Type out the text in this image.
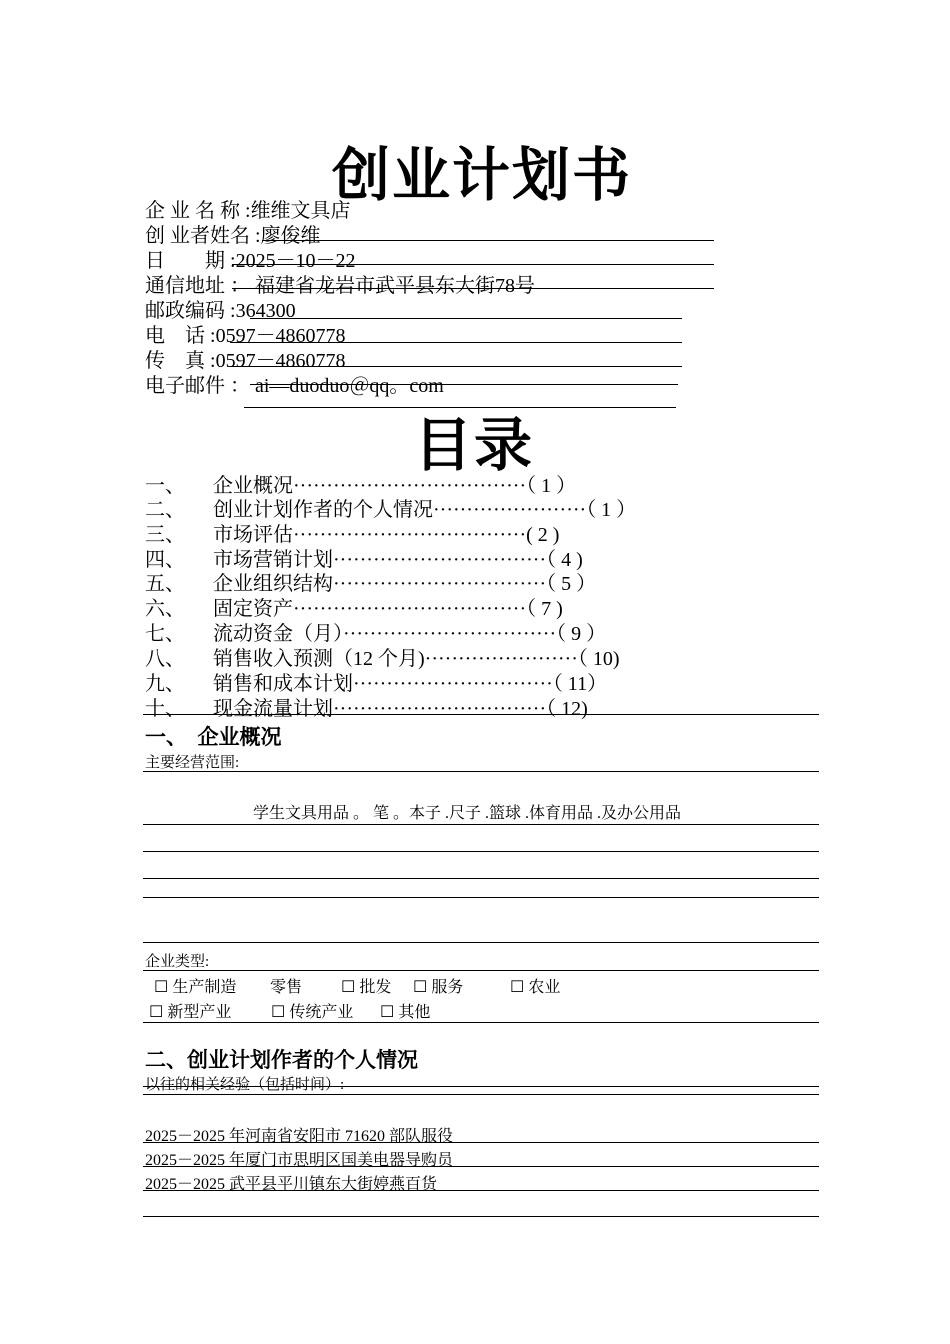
创业计划书
企 业 名 称 :维维文具店
创 业者姓名 :廖俊维
日　　期 :2025－10－22
通信地址 ： 福建省龙岩市武平县东大街78号
邮政编码 :364300
电　话 :0597－4860778
传　真 :0597－4860778
电子邮件 ： ai—duoduo＠qq。com
目录
一、 企业概况···································（ 1 ）
二、 创业计划作者的个人情况·······················（ 1 ）
三、 市场评估···································( 2 )
四、 市场营销计划································（ 4 )
五、 企业组织结构································（ 5 ）
六、 固定资产···································（ 7 )
七、 流动资金（月）································（ 9 ）
八、 销售收入预测（12 个月)·······················（ 10)
九、 销售和成本计划······························（ 11）
十、 现金流量计划································（ 12)
一、　企业概况
主要经营范围:
学生文具用品 。 笔 。本子 .尺子 .篮球 .体育用品 .及办公用品
企业类型:
☐ 生产制造 零售 ☐ 批发 ☐ 服务	☐ 农业
☐ 新型产业 ☐ 传统产业 ☐ 其他
二、创业计划作者的个人情况
以往的相关经验（包括时间）:
2025－2025 年河南省安阳市 71620 部队服役
2025－2025 年厦门市思明区国美电器导购员
2025－2025 武平县平川镇东大街婷燕百货
